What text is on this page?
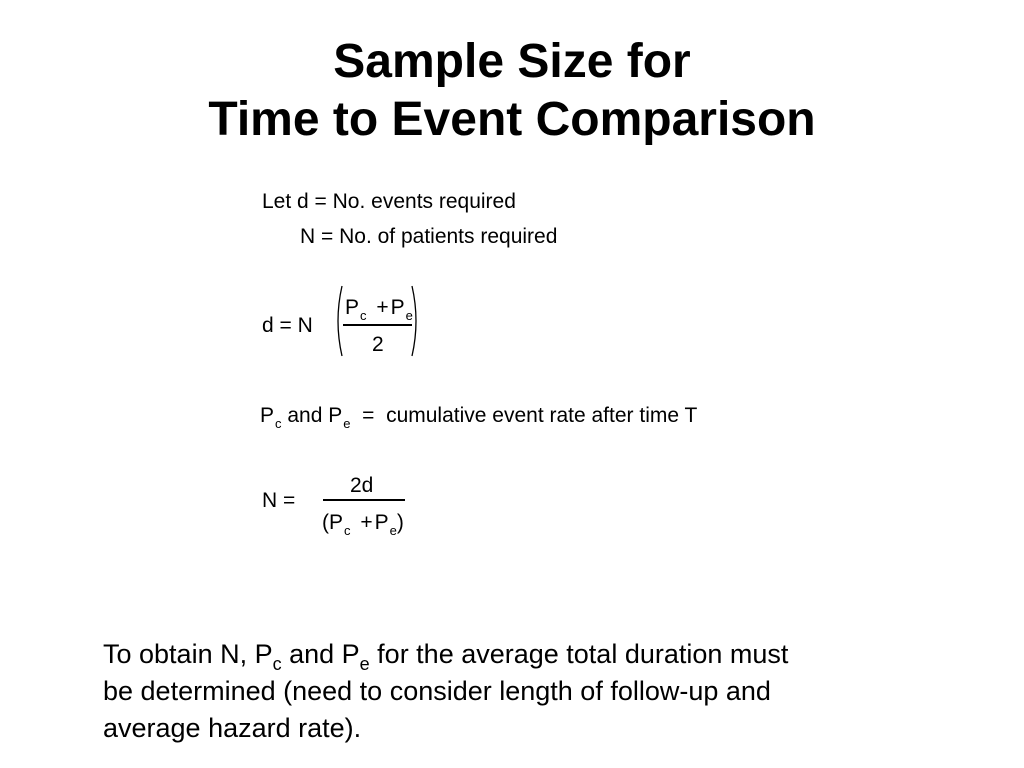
Sample Size for
Time to Event Comparison
Let d = No. events required
N = No. of patients required
d = N
$P_c +P_e$
2
$P_c$ and $P_e$  =  cumulative event rate after time T
N =
2d
$(P_c +P_e)$
To obtain N, $P_c$ and $P_e$ for the average total duration must
be determined (need to consider length of follow-up and
average hazard rate).
